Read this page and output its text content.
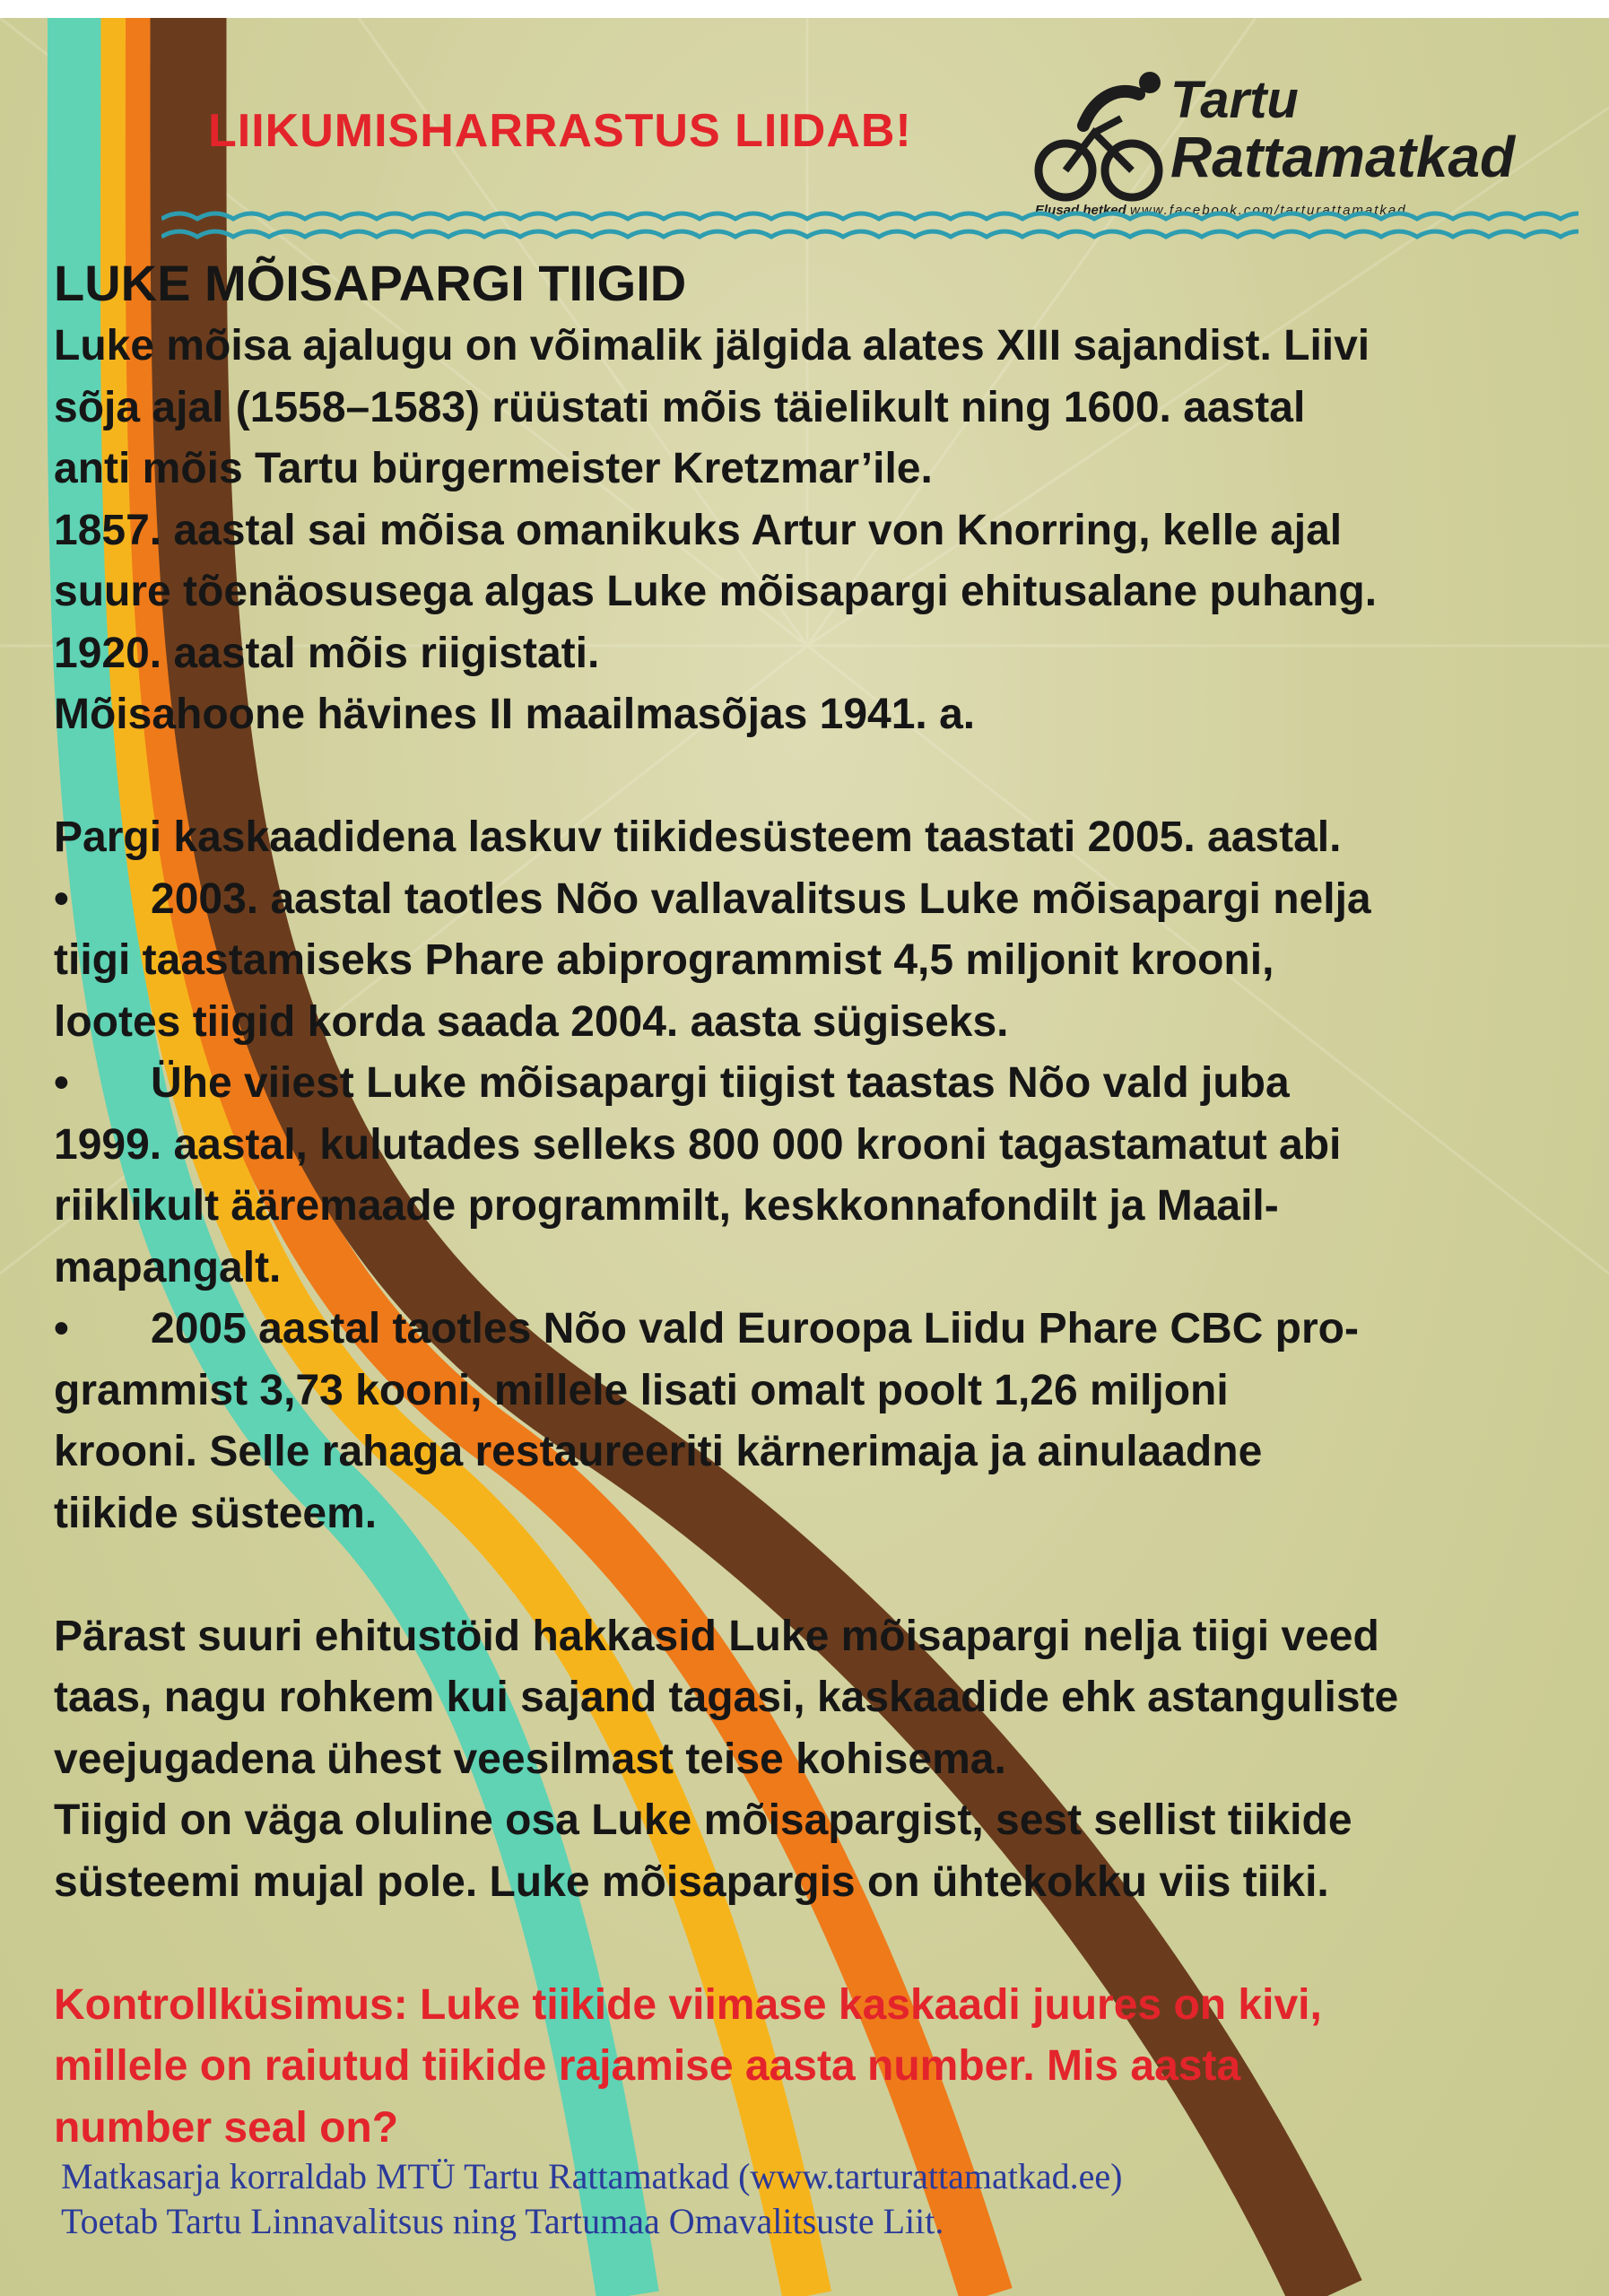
LIIKUMISHARRASTUS LIIDAB!
Tartu
Rattamatkad
Elusad hetked www.facebook.com/tarturattamatkad
LUKE MÕISAPARGI TIIGID

Luke mõisa ajalugu on võimalik jälgida alates XIII sajandist. Liivi

sõja ajal (1558–1583) rüüstati mõis täielikult ning 1600. aastal

anti mõis Tartu bürgermeister Kretzmar’ile.

1857. aastal sai mõisa omanikuks Artur von Knorring, kelle ajal

suure tõenäosusega algas Luke mõisapargi ehitusalane puhang.

1920. aastal mõis riigistati.

Mõisahoone hävines II maailmasõjas 1941. a.

Pargi kaskaadidena laskuv tiikidesüsteem taastati 2005. aastal.

• 2003. aastal taotles Nõo vallavalitsus Luke mõisapargi nelja

tiigi taastamiseks Phare abiprogrammist 4,5 miljonit krooni,

lootes tiigid korda saada 2004. aasta sügiseks.

• Ühe viiest Luke mõisapargi tiigist taastas Nõo vald juba

1999. aastal, kulutades selleks 800 000 krooni tagastamatut abi

riiklikult ääremaade programmilt, keskkonnafondilt ja Maail-

mapangalt.

• 2005 aastal taotles Nõo vald Euroopa Liidu Phare CBC pro-

grammist 3,73 kooni, millele lisati omalt poolt 1,26 miljoni

krooni. Selle rahaga restaureeriti kärnerimaja ja ainulaadne

tiikide süsteem.

Pärast suuri ehitustöid hakkasid Luke mõisapargi nelja tiigi veed

taas, nagu rohkem kui sajand tagasi, kaskaadide ehk astanguliste

veejugadena ühest veesilmast teise kohisema.

Tiigid on väga oluline osa Luke mõisapargist, sest sellist tiikide

süsteemi mujal pole. Luke mõisapargis on ühtekokku viis tiiki.

Kontrollküsimus: Luke tiikide viimase kaskaadi juures on kivi,

millele on raiutud tiikide rajamise aasta number. Mis aasta

number seal on?

Matkasarja korraldab MTÜ Tartu Rattamatkad (www.tarturattamatkad.ee)

Toetab Tartu Linnavalitsus ning Tartumaa Omavalitsuste Liit.
